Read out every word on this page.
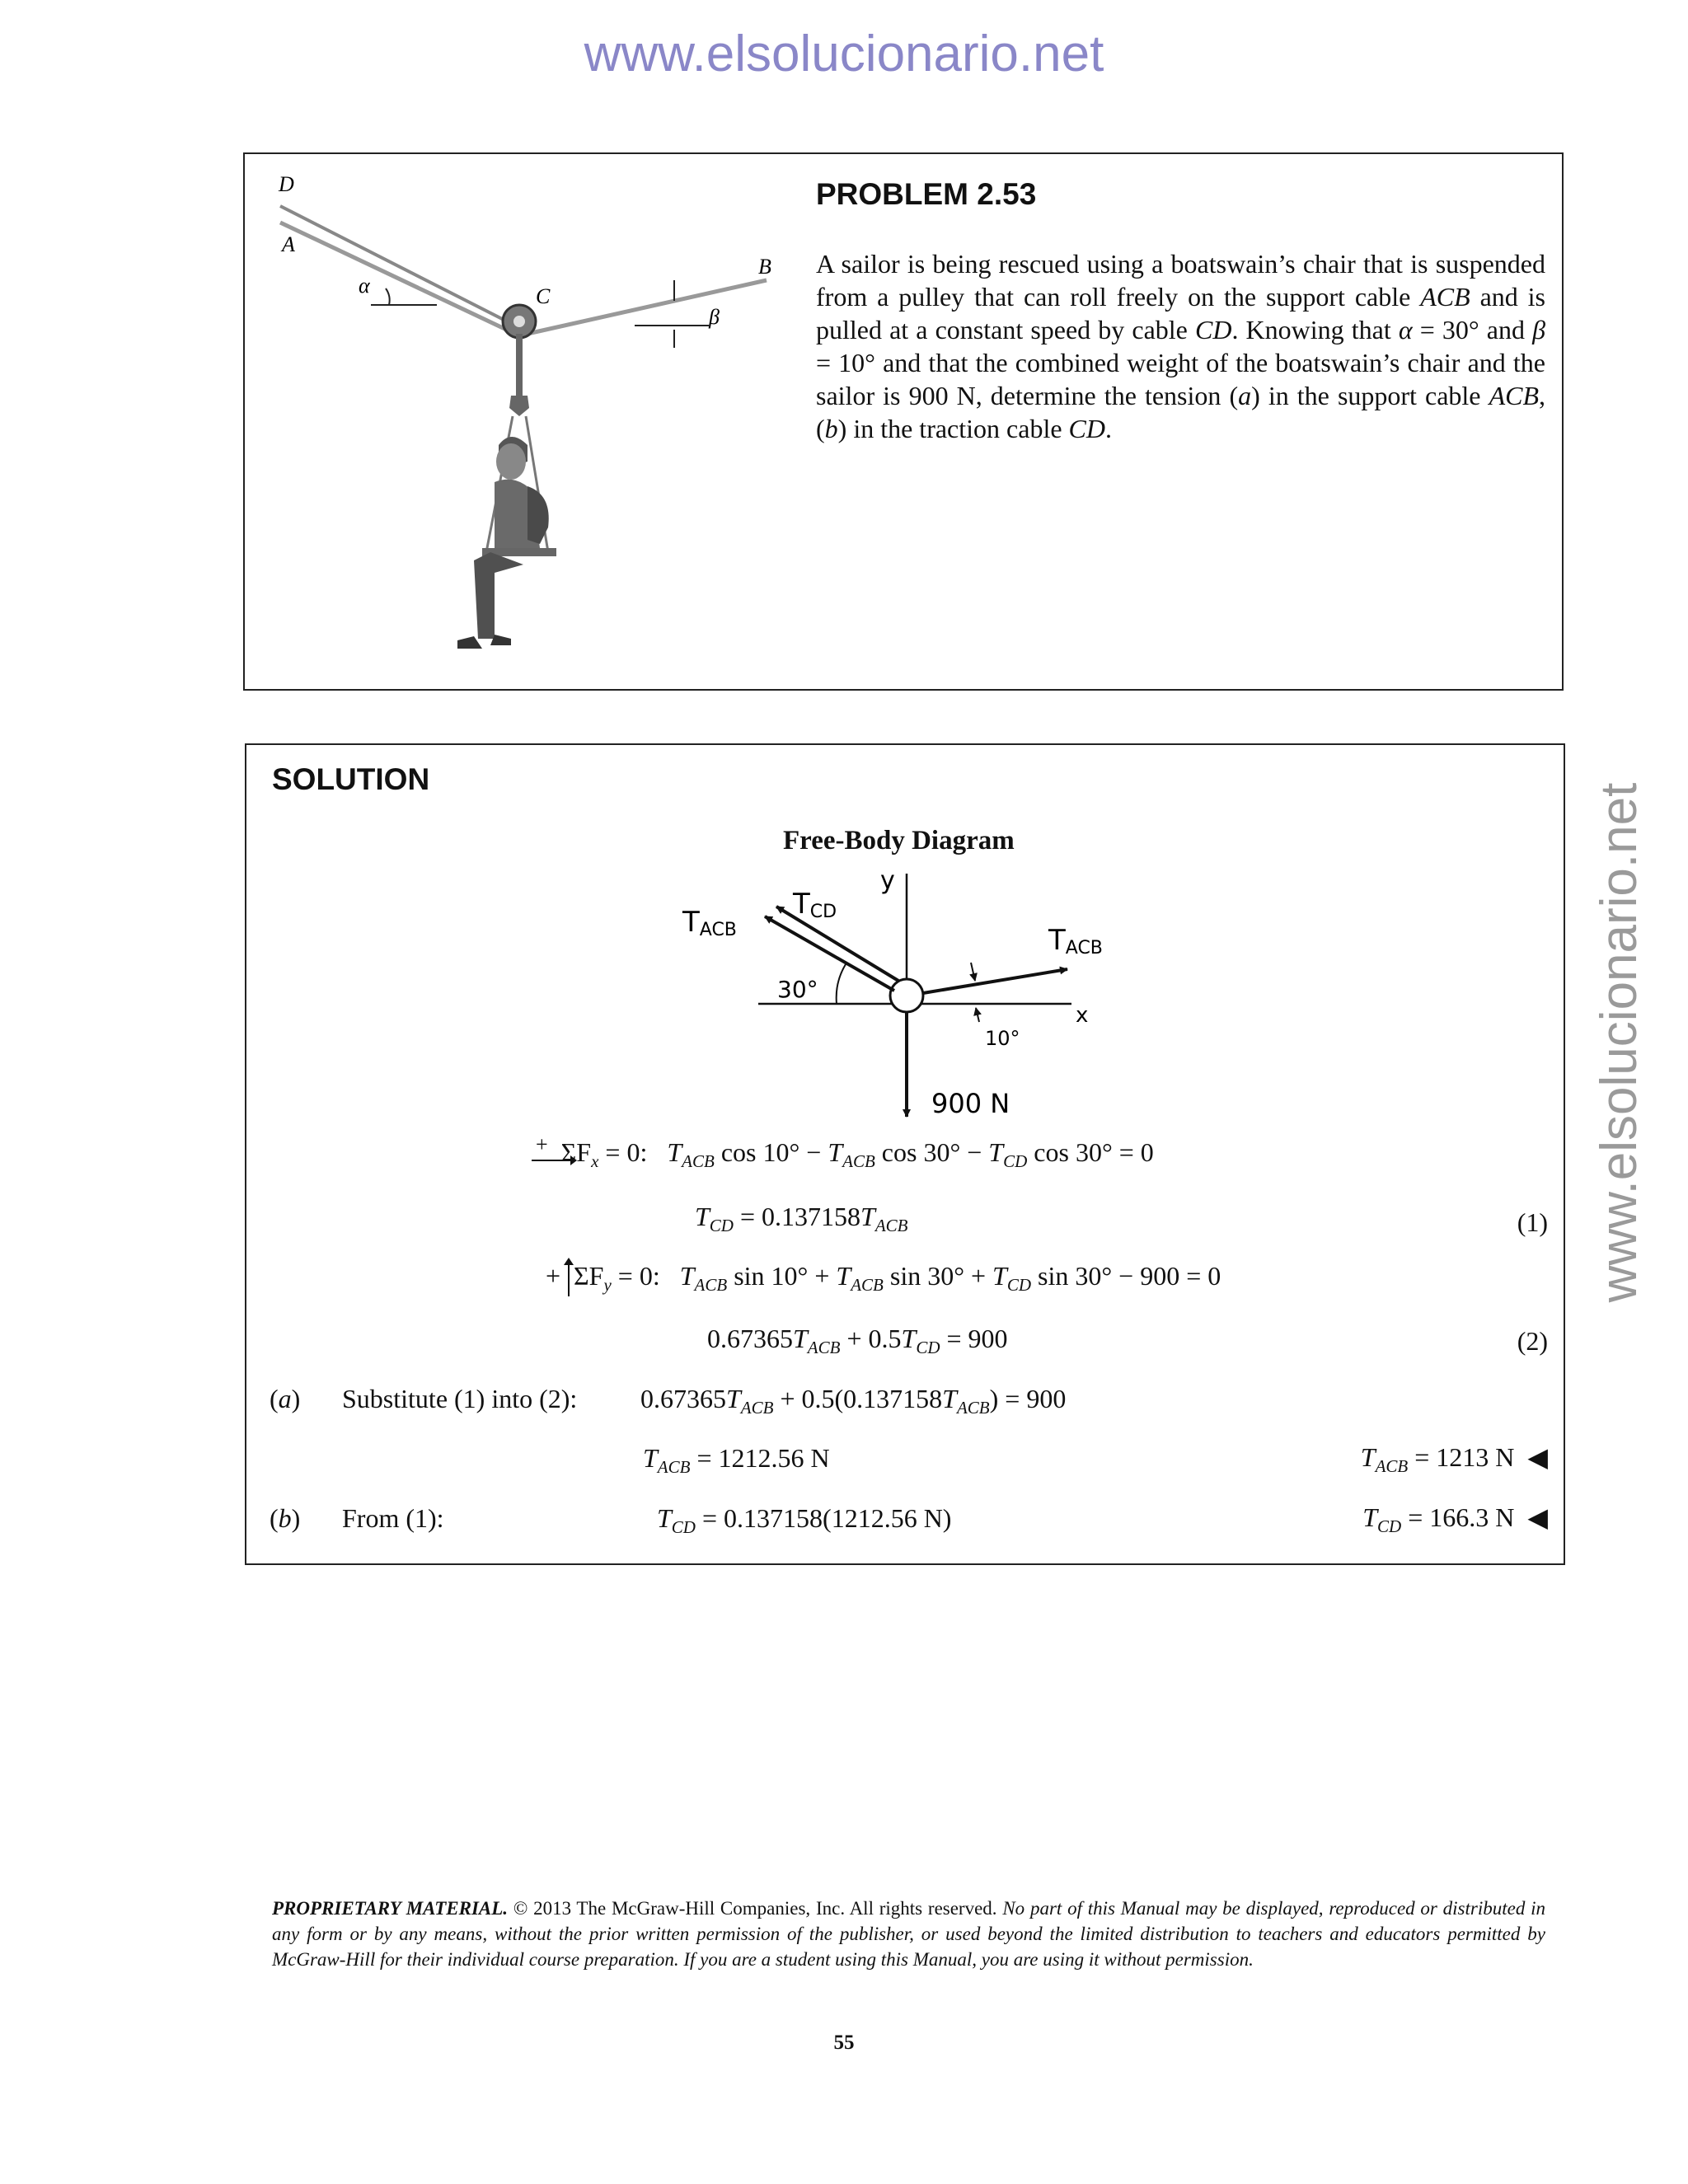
www.elsolucionario.net
www.elsolucionario.net
D
A
B
C
α
β
PROBLEM 2.53
A sailor is being rescued using a boatswain’s chair that is suspended from a pulley that can roll freely on the support cable ACB and is pulled at a constant speed by cable CD. Knowing that α = 30° and β = 10° and that the combined weight of the boatswain’s chair and the sailor is 900 N, determine the tension (a) in the support cable ACB, (b) in the traction cable CD.
SOLUTION
Free-Body Diagram
y
x
TCD
TACB	TACB
30°
10°
900 N
+ $\Sigma F_x = 0$:   $T_{ACB}$ $\cos 10^\circ - T_{ACB}$ $\cos 30^\circ - T_{CD}$ cos 30° = 0
$T_{CD} = 0.137158T_{ACB}$	(1)
+ $\Sigma F_y = 0$:   $T_{ACB}$ $\sin 10^\circ + T_{ACB}$ $\sin 30^\circ + T_{CD}$ sin 30° − 900 = 0
$0.67365T_{ACB} + 0.5T_{CD} = 900$	(2)
(a) Substitute (1) into (2): $0.67365T_{ACB} + 0.5(0.137158T_{ACB}) = 900$
$T_{ACB} = 1212.56$ N	$T_{ACB} = 1213$ N ◀
(b) From (1):	$T_{CD} = 0.137158(1212.56$ N)	$T_{CD} = 166.3$ N ◀
PROPRIETARY MATERIAL. © 2013 The McGraw-Hill Companies, Inc. All rights reserved. No part of this Manual may be displayed, reproduced or distributed in any form or by any means, without the prior written permission of the publisher, or used beyond the limited distribution to teachers and educators permitted by McGraw-Hill for their individual course preparation. If you are a student using this Manual, you are using it without permission.
55
